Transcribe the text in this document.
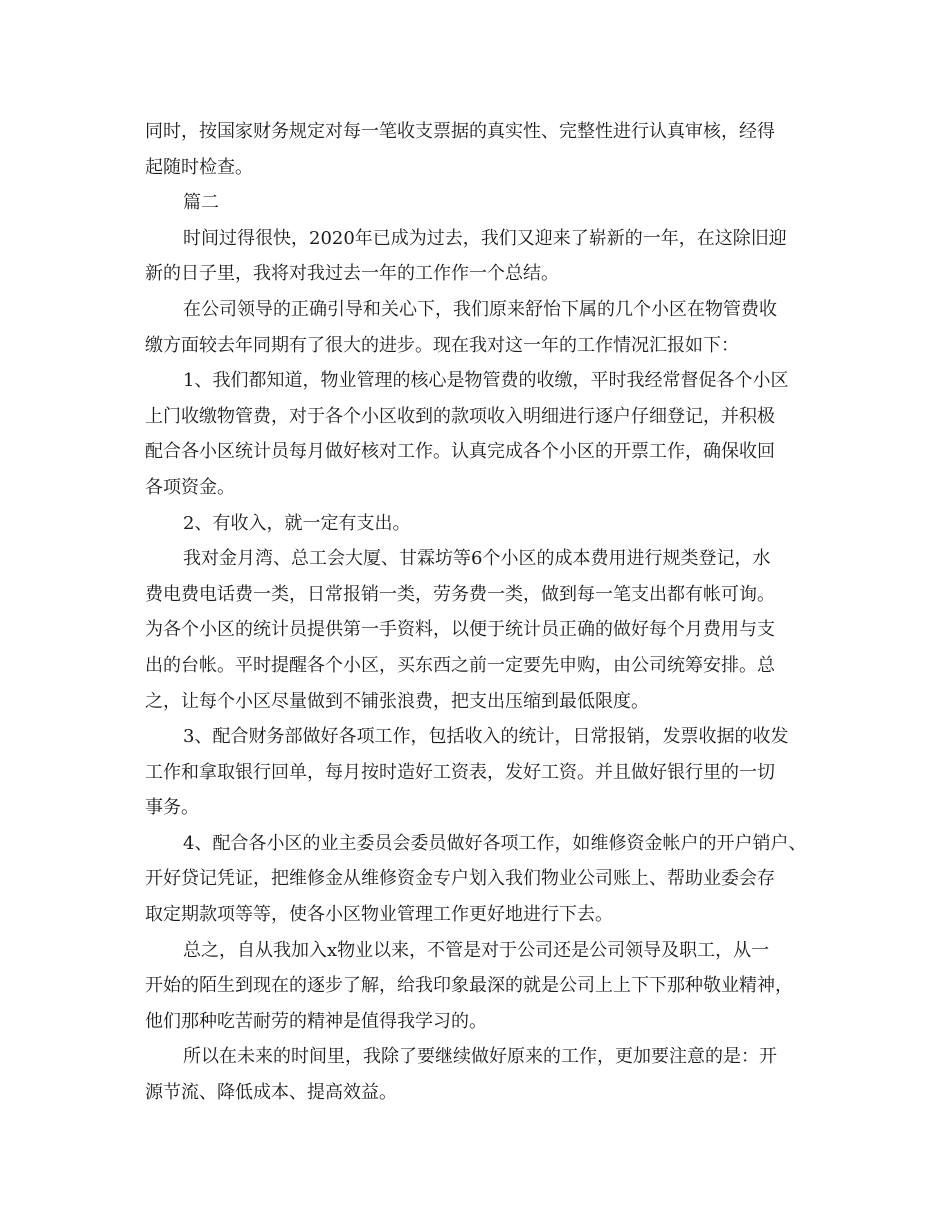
同时，按国家财务规定对每一笔收支票据的真实性、完整性进行认真审核，经得
起随时检查。
篇二
时间过得很快，2020年已成为过去，我们又迎来了崭新的一年，在这除旧迎
新的日子里，我将对我过去一年的工作作一个总结。
在公司领导的正确引导和关心下，我们原来舒怡下属的几个小区在物管费收
缴方面较去年同期有了很大的进步。现在我对这一年的工作情况汇报如下：
1、我们都知道，物业管理的核心是物管费的收缴，平时我经常督促各个小区
上门收缴物管费，对于各个小区收到的款项收入明细进行逐户仔细登记，并积极
配合各小区统计员每月做好核对工作。认真完成各个小区的开票工作，确保收回
各项资金。
2、有收入，就一定有支出。
我对金月湾、总工会大厦、甘霖坊等6个小区的成本费用进行规类登记，水
费电费电话费一类，日常报销一类，劳务费一类，做到每一笔支出都有帐可询。
为各个小区的统计员提供第一手资料，以便于统计员正确的做好每个月费用与支
出的台帐。平时提醒各个小区，买东西之前一定要先申购，由公司统筹安排。总
之，让每个小区尽量做到不铺张浪费，把支出压缩到最低限度。
3、配合财务部做好各项工作，包括收入的统计，日常报销，发票收据的收发
工作和拿取银行回单，每月按时造好工资表，发好工资。并且做好银行里的一切
事务。
4、配合各小区的业主委员会委员做好各项工作，如维修资金帐户的开户销户、
开好贷记凭证，把维修金从维修资金专户划入我们物业公司账上、帮助业委会存
取定期款项等等，使各小区物业管理工作更好地进行下去。
总之，自从我加入x物业以来，不管是对于公司还是公司领导及职工，从一
开始的陌生到现在的逐步了解，给我印象最深的就是公司上上下下那种敬业精神，
他们那种吃苦耐劳的精神是值得我学习的。
所以在未来的时间里，我除了要继续做好原来的工作，更加要注意的是：开
源节流、降低成本、提高效益。
